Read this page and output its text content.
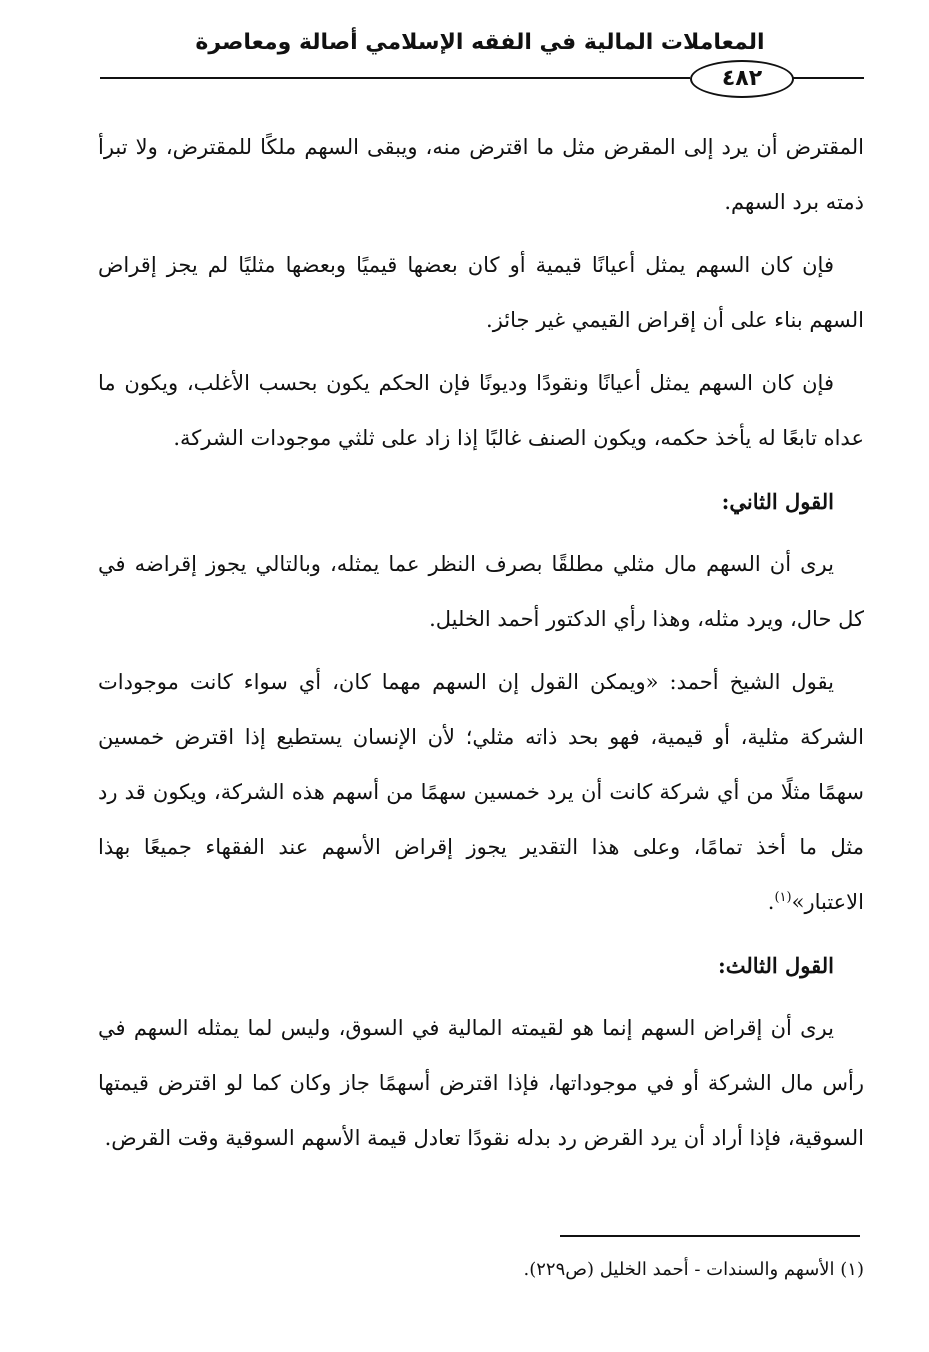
المعاملات المالية في الفقه الإسلامي أصالة ومعاصرة
٤٨٢

المقترض أن يرد إلى المقرض مثل ما اقترض منه، ويبقى السهم ملكًا للمقترض، ولا تبرأ ذمته برد السهم.

فإن كان السهم يمثل أعيانًا قيمية أو كان بعضها قيميًا وبعضها مثليًا لم يجز إقراض السهم بناء على أن إقراض القيمي غير جائز.

فإن كان السهم يمثل أعيانًا ونقودًا وديونًا فإن الحكم يكون بحسب الأغلب، ويكون ما عداه تابعًا له يأخذ حكمه، ويكون الصنف غالبًا إذا زاد على ثلثي موجودات الشركة.

القول الثاني:

يرى أن السهم مال مثلي مطلقًا بصرف النظر عما يمثله، وبالتالي يجوز إقراضه في كل حال، ويرد مثله، وهذا رأي الدكتور أحمد الخليل.

يقول الشيخ أحمد: «ويمكن القول إن السهم مهما كان، أي سواء كانت موجودات الشركة مثلية، أو قيمية، فهو بحد ذاته مثلي؛ لأن الإنسان يستطيع إذا اقترض خمسين سهمًا مثلًا من أي شركة كانت أن يرد خمسين سهمًا من أسهم هذه الشركة، ويكون قد رد مثل ما أخذ تمامًا، وعلى هذا التقدير يجوز إقراض الأسهم عند الفقهاء جميعًا بهذا الاعتبار»$^{(١)}$.

القول الثالث:

يرى أن إقراض السهم إنما هو لقيمته المالية في السوق، وليس لما يمثله السهم في رأس مال الشركة أو في موجوداتها، فإذا اقترض أسهمًا جاز وكان كما لو اقترض قيمتها السوقية، فإذا أراد أن يرد القرض رد بدله نقودًا تعادل قيمة الأسهم السوقية وقت القرض.

(١) الأسهم والسندات - أحمد الخليل (ص٢٢٩).
